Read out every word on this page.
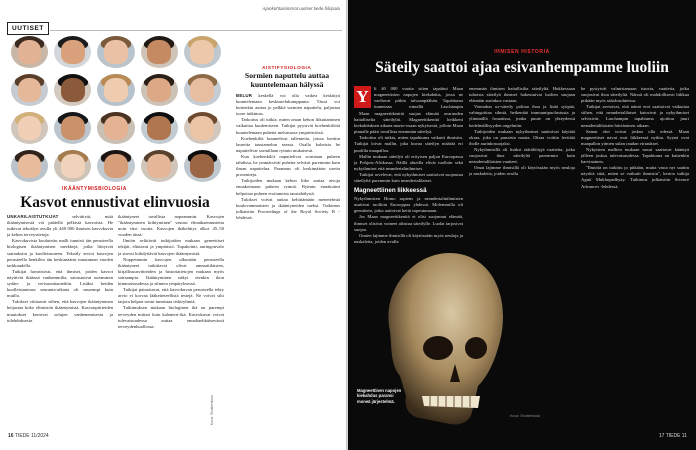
Ajankohtaisimmat uutiset tiede.fi/kipalu
UUTISET
IKÄÄNTYMISBIOLOGIA
Kasvot ennustivat elinvuosia

UNKARILAISTUTKIJAT selvittivät, mitä ikääntymisestä voi päätellä pelkistä kasvoista. He tutkivat tekoälyn avulla yli 440 000 ihmisen kasvokuvia ja kehon terveystietoja.

Kasvokuvista koulutettu malli tunnisti iän perusteella biologisen ikääntymisen merkkejä, jotka liittyivät sairauksiin ja kuolleisuuteen. Tekoäly arvioi kasvojen perusteella henkilön iän keskimäärin muutaman vuoden tarkkuudella.

Tutkijat havaitsivat, että ihmiset, joiden kasvot näyttivät ikäänsä vanhemmilta, sairastuivat useammin sydän- ja verisuonitauteihin. Lisäksi heidän kuolleisuutensa seuranta-aikana oli suurempi kuin muilla.

Tulokset viittaavat siihen, että kasvojen ikääntyminen heijastaa koko elimistön ikääntymistä. Kasvonpiirteiden muutokset kertovat solujen vanhenemisesta ja tulehduksesta.

ikääntyneet tavallista nopeammin. Kasvojen "ikääntyminen kiihtyminen" vastasi elinaikaennustetta noin viisi vuotta. Kasvojen ikäkehitys alkoi 45–50 vuoden iässä.

Ilmiön selittävät tutkijoiden mukaan geneettiset tekijät, elintavat ja ympäristö. Tupakointi, auringonvalo ja stressi kiihdyttävät kasvojen ikääntymistä.

Noppeimmin kasvojen ulkonäön perusteella ikääntyneet tutkittavat olivat ammattilaisten, kirjallisuusviitteiden ja historiatietojen mukaan myös sairaampia. Ikääntyminen näkyi etenkin ihon kimmoisuudessa ja silmien ympäryksessä.

Tutkijat painottavat, että kasvokuvan perusteella tehty arvio ei korvaa lääketieteellisiä testejä. Ne voivat silti tarjota helpon tavan tunnistaa riskiryhmiä.

Tutkimuksen mukaan biologinen ikä on parempi terveyden mittari kuin kalenteri-ikä. Kasvokuvat voivat tulevaisuudessa auttaa ennaltaehkäisevässä terveydenhuollossa.

AISTIFYSIOLOGIA
Sormien naputtelu auttaa kuuntelemaan hälyssä

BELUR keskellä voi olla vaikea keskittyä kuuntelemaan keskustelukumppania. Tässä voi kuitenkin auttaa jo pelkkä sormien naputtelu, paljastaa tuore tutkimus.

Tarkoitus oli tutkia, miten oman kehon liikuttaminen vaikuttaa kuulemiseen. Tutkijat pyysivät koehenkilöitä kuuntelemaan puhetta meluisassa ympäristössä.

Koehenkilöt kuuntelivat tallenteita, joissa luettiin lauseita taustamelun seassa. Osalla kokeista he naputtelivat sormillaan rytmin mukaisesti.

Kun koehenkilöt naputtelivat sormiaan puheen tahdissa, he ymmärsivät puhetta selvästi paremmin kuin ilman naputtelua. Parannus oli keskimäärin useita prosentteja.

Tutkijoiden mukaan kehon liike auttaa aivoja ennakoimaan puheen rytmiä. Rytmin ennakointi helpottaa puheen erottamista taustahälystä.

Tulokset voivat auttaa kehittämään menetelmiä kuulovammaisten ja ikääntyneiden tueksi. Tutkimus julkaistiin Proceedings of the Royal Society B -lehdessä.

Kuva: Shutterstock
16 TIEDE 11/2024
IHMISEN HISTORIA
Säteily saattoi ajaa esivanhempamme luoliin
Y	li 40 000 vuotta sitten tapahtui Maan magneettisten napojen kiekahdus, jossa ne vaeltavat pitkin taivaanpäähän. Tapahtuma tunnetaan nimellä Laschampin

Maan magneettikenttä suojaa elämää avaruuden haitalliselta säteilyltä. Magneettikenttä heikkeni kiekahduksen aikana murto-osaan nykyisestä, jolloin Maan pinnalle pääsi tavallista enemmän säteilyä.

Tarkoitus oli tutkia, miten tapahtuma vaikutti ihmisiin. Tutkijat loivat mallin, joka kuvaa säteilyn määrää eri puolilla maapalloa.

Mallin mukaan säteilyä oli erityisen paljon Euroopassa ja Pohjois-Afrikassa. Näillä alueilla elivät tuolloin sekä nykyihmiset että neandertalinihmiset.

Tutkijat arvelevat, että nykyihmiset saattoivat suojautua säteilyltä paremmin kuin neandertalilaiset.

Magneettiinen liikkeessä

Nykyihmisten Homo sapiens ja neandertalinihmisten asuttivat tuolloin Eurooppaa yhdessä. Molemmilla oli geenitieto, jotka auttoivat heitä sopeutumaan.

Jos Maan magneettikenttä ei olisi suojannut elämää, ihmiset olisivat voineet altistua säteilylle. Luolat tarjosivat suojaa.

Omien lajimme ihmisillä oli käytössään myös neuloja ja naskaleita, joiden avulla

enemmän ihmisen haitallisilta säteilyltä. Hukkessaan tuhoisia säteilyä ihmiset hakeutuivat luolien suojaan elämään aurinkoa vastaan.

Voimakas uv-säteily polttaa ihoa ja lisää syöpää, vahingoittaa silmiä, heikentää immuunipuolustusta ja ylimmällä fosaatissa, jonka puute on yhteydessä hedelmällisyyden ongelmiin.

Tutkijoiden mukaan nykyihmiset saattoivat käyttää okraa, joka on punaista maata. Okraa voitiin levittää iholle aurinkosuojaksi.

Nykyihmisillä oli lisäksi räätälöityjä vaatteita, jotka suojasivat ihoa säteilyltä paremmin kuin neandertalilaisten vaatteet.

Omat lajimme ihmisillä oli käytössään myös neuloja ja naskaleita, joiden avulla

he pystyivät valmistamaan istuvia, vaatteita, jotka suojasivat ihoa säteilyltä. Näissä oli mahdollisesti liikkua pitkään myös sääolosuhteissa.

Tutkijat arvioivat, että nämä erot saattoivat vaikuttaa siihen, että neandertalilaiset katosivat ja nykyihmiset selvisivät. Laschampin tapahtuma ajoittuu juuri neandertalilaisten häviämisen aikaan.

Samat olot voivat joskus olla edessä. Maan magneettiset navat ovat liikkeessä nytkin. Syynä ovat maapallon ytimen sulan raudan virtaukset.

Nykyisten mallien mukaan navat saattavat kääntyä jälleen joskus tulevaisuudessa. Tapahtuma on kuitenkin harvinainen.

"Ilmiötä on tutkittu jo pitkään, mutta vasta nyt saatiin näyttöä siitä, miten se vaikutti ihmisiin", kertoo tutkija Agnit Mukhopadhyay. Tutkimus julkaistiin Science Advances -lehdessä.

Magneettinen napojen kiekahdus paransi moneä järjestelmä.
Kuva: Shutterstock
17 TIEDE 11
